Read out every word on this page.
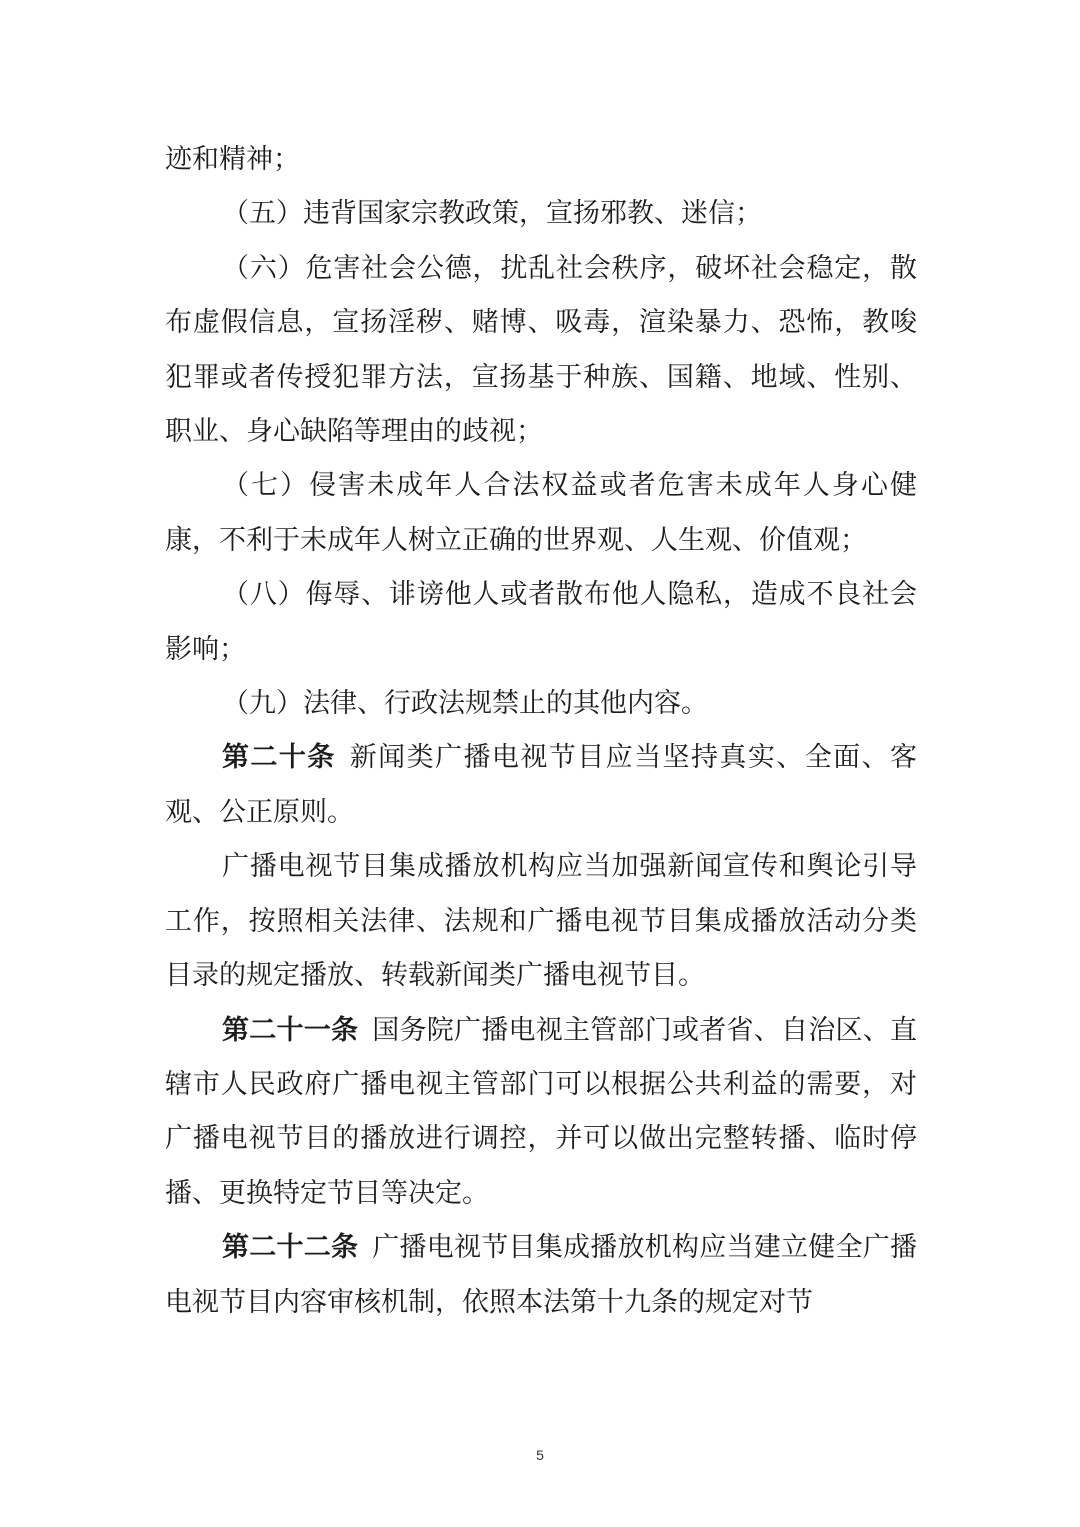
迹和精神；

（五）违背国家宗教政策，宣扬邪教、迷信；

（六）危害社会公德，扰乱社会秩序，破坏社会稳定，散布虚假信息，宣扬淫秽、赌博、吸毒，渲染暴力、恐怖，教唆犯罪或者传授犯罪方法，宣扬基于种族、国籍、地域、性别、职业、身心缺陷等理由的歧视；

（七）侵害未成年人合法权益或者危害未成年人身心健康，不利于未成年人树立正确的世界观、人生观、价值观；

（八）侮辱、诽谤他人或者散布他人隐私，造成不良社会影响；

（九）法律、行政法规禁止的其他内容。

第二十条 新闻类广播电视节目应当坚持真实、全面、客观、公正原则。

广播电视节目集成播放机构应当加强新闻宣传和舆论引导工作，按照相关法律、法规和广播电视节目集成播放活动分类目录的规定播放、转载新闻类广播电视节目。

第二十一条 国务院广播电视主管部门或者省、自治区、直辖市人民政府广播电视主管部门可以根据公共利益的需要，对广播电视节目的播放进行调控，并可以做出完整转播、临时停播、更换特定节目等决定。

第二十二条 广播电视节目集成播放机构应当建立健全广播电视节目内容审核机制，依照本法第十九条的规定对节

5
